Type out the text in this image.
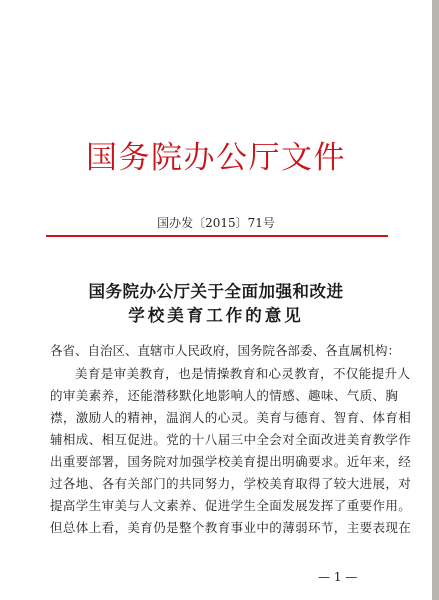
国务院办公厅文件
国办发〔2015〕71号
国务院办公厅关于全面加强和改进
学校美育工作的意见
各省、自治区、直辖市人民政府，国务院各部委、各直属机构：
美育是审美教育，也是情操教育和心灵教育，不仅能提升人
的审美素养，还能潜移默化地影响人的情感、趣味、气质、胸
襟，激励人的精神，温润人的心灵。美育与德育、智育、体育相
辅相成、相互促进。党的十八届三中全会对全面改进美育教学作
出重要部署，国务院对加强学校美育提出明确要求。近年来，经
过各地、各有关部门的共同努力，学校美育取得了较大进展，对
提高学生审美与人文素养、促进学生全面发展发挥了重要作用。
但总体上看，美育仍是整个教育事业中的薄弱环节，主要表现在
— 1 —
